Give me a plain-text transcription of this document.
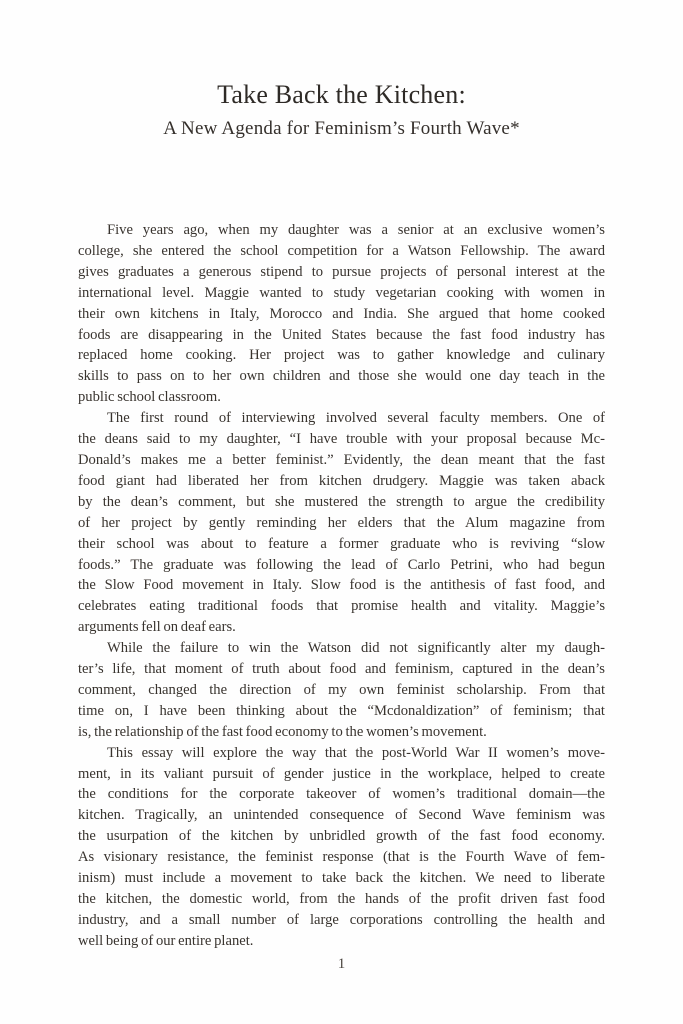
Take Back the Kitchen:
A New Agenda for Feminism’s Fourth Wave*

Five years ago, when my daughter was a senior at an exclusive women’s
college, she entered the school competition for a Watson Fellowship. The award
gives graduates a generous stipend to pursue projects of personal interest at the
international level. Maggie wanted to study vegetarian cooking with women in
their own kitchens in Italy, Morocco and India. She argued that home cooked
foods are disappearing in the United States because the fast food industry has
replaced home cooking. Her project was to gather knowledge and culinary
skills to pass on to her own children and those she would one day teach in the
public school classroom.

The first round of interviewing involved several faculty members. One of
the deans said to my daughter, “I have trouble with your proposal because Mc-
Donald’s makes me a better feminist.” Evidently, the dean meant that the fast
food giant had liberated her from kitchen drudgery. Maggie was taken aback
by the dean’s comment, but she mustered the strength to argue the credibility
of her project by gently reminding her elders that the Alum magazine from
their school was about to feature a former graduate who is reviving “slow
foods.” The graduate was following the lead of Carlo Petrini, who had begun
the Slow Food movement in Italy. Slow food is the antithesis of fast food, and
celebrates eating traditional foods that promise health and vitality. Maggie’s
arguments fell on deaf ears.

While the failure to win the Watson did not significantly alter my daugh-
ter’s life, that moment of truth about food and feminism, captured in the dean’s
comment, changed the direction of my own feminist scholarship. From that
time on, I have been thinking about the “Mcdonaldization” of feminism; that
is, the relationship of the fast food economy to the women’s movement.

This essay will explore the way that the post-World War II women’s move-
ment, in its valiant pursuit of gender justice in the workplace, helped to create
the conditions for the corporate takeover of women’s traditional domain—the
kitchen. Tragically, an unintended consequence of Second Wave feminism was
the usurpation of the kitchen by unbridled growth of the fast food economy.
As visionary resistance, the feminist response (that is the Fourth Wave of fem-
inism) must include a movement to take back the kitchen. We need to liberate
the kitchen, the domestic world, from the hands of the profit driven fast food
industry, and a small number of large corporations controlling the health and
well being of our entire planet.

1
